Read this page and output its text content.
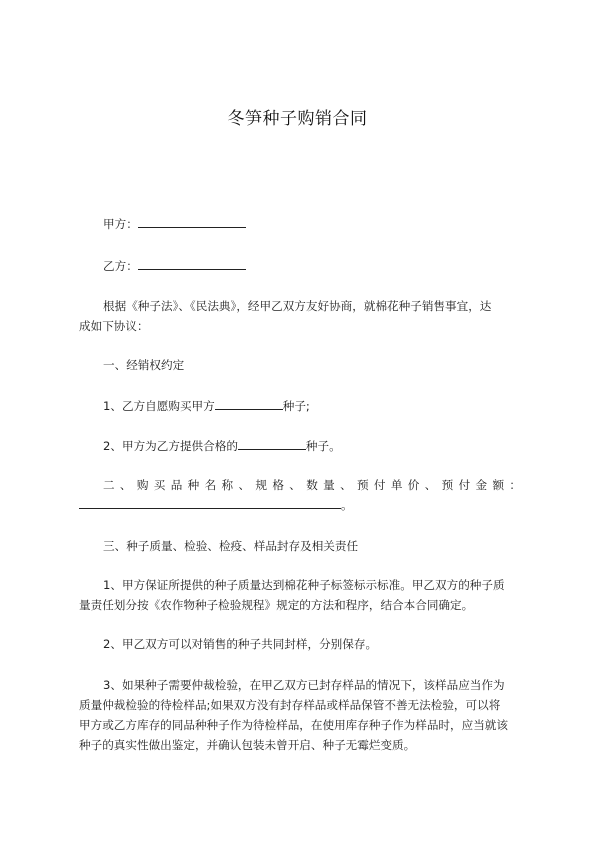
冬笋种子购销合同
甲方：
乙方：
根据《种子法》、《民法典》，经甲乙双方友好协商，就棉花种子销售事宜，达
成如下协议：
一、经销权约定
1、乙方自愿购买甲方	种子;
2、甲方为乙方提供合格的	种子。
二 、 购 买 品 种 名 称 、 规 格 、 数 量 、 预 付 单 价 、 预 付 金 额 ：
。
三、种子质量、检验、检疫、样品封存及相关责任
1、甲方保证所提供的种子质量达到棉花种子标签标示标准。甲乙双方的种子质
量责任划分按《农作物种子检验规程》规定的方法和程序，结合本合同确定。
2、甲乙双方可以对销售的种子共同封样，分别保存。
3、如果种子需要仲裁检验，在甲乙双方已封存样品的情况下，该样品应当作为
质量仲裁检验的待检样品;如果双方没有封存样品或样品保管不善无法检验，可以将
甲方或乙方库存的同品种种子作为待检样品，在使用库存种子作为样品时，应当就该
种子的真实性做出鉴定，并确认包装未曾开启、种子无霉烂变质。
